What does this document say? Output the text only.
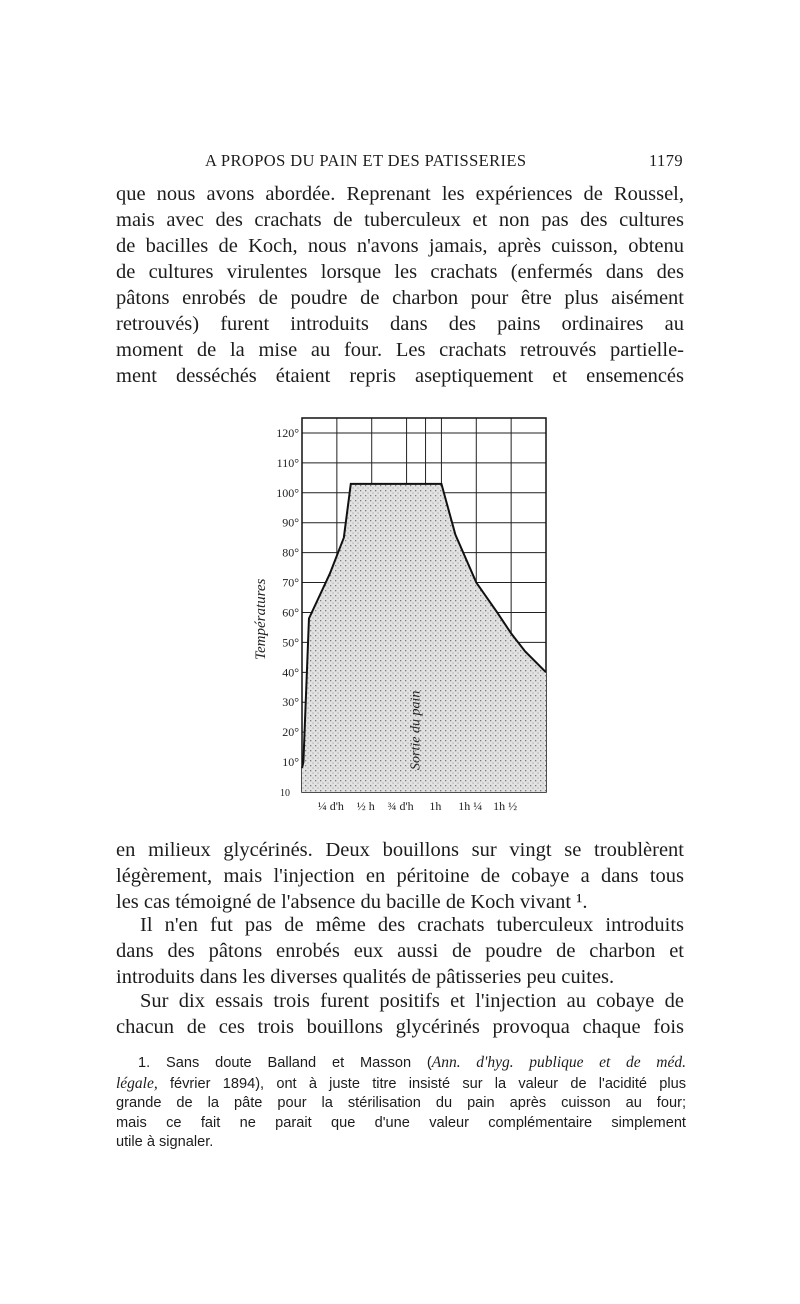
A PROPOS DU PAIN ET DES PATISSERIES	1179
que nous avons abordée. Reprenant les expériences de Roussel,
mais avec des crachats de tuberculeux et non pas des cultures
de bacilles de Koch, nous n'avons jamais, après cuisson, obtenu
de cultures virulentes lorsque les crachats (enfermés dans des
pâtons enrobés de poudre de charbon pour être plus aisément
retrouvés) furent introduits dans des pains ordinaires au
moment de la mise au four. Les crachats retrouvés partielle-
ment desséchés étaient repris aseptiquement et ensemencés
10°
20°
30°
40°
50°
60°
70°
80°
90°
100°
110°
120°
¼ d'h ½ h ¾ d'h 1h 1h ¼ 1h ½
Températures
Sortie du pain
10
en milieux glycérinés. Deux bouillons sur vingt se troublèrent
légèrement, mais l'injection en péritoine de cobaye a dans tous
les cas témoigné de l'absence du bacille de Koch vivant ¹.
Il n'en fut pas de même des crachats tuberculeux introduits
dans des pâtons enrobés eux aussi de poudre de charbon et
introduits dans les diverses qualités de pâtisseries peu cuites.
Sur dix essais trois furent positifs et l'injection au cobaye de
chacun de ces trois bouillons glycérinés provoqua chaque fois
1. Sans doute Balland et Masson (Ann. d'hyg. publique et de méd.
légale, février 1894), ont à juste titre insisté sur la valeur de l'acidité plus
grande de la pâte pour la stérilisation du pain après cuisson au four;
mais ce fait ne parait que d'une valeur complémentaire simplement
utile à signaler.
